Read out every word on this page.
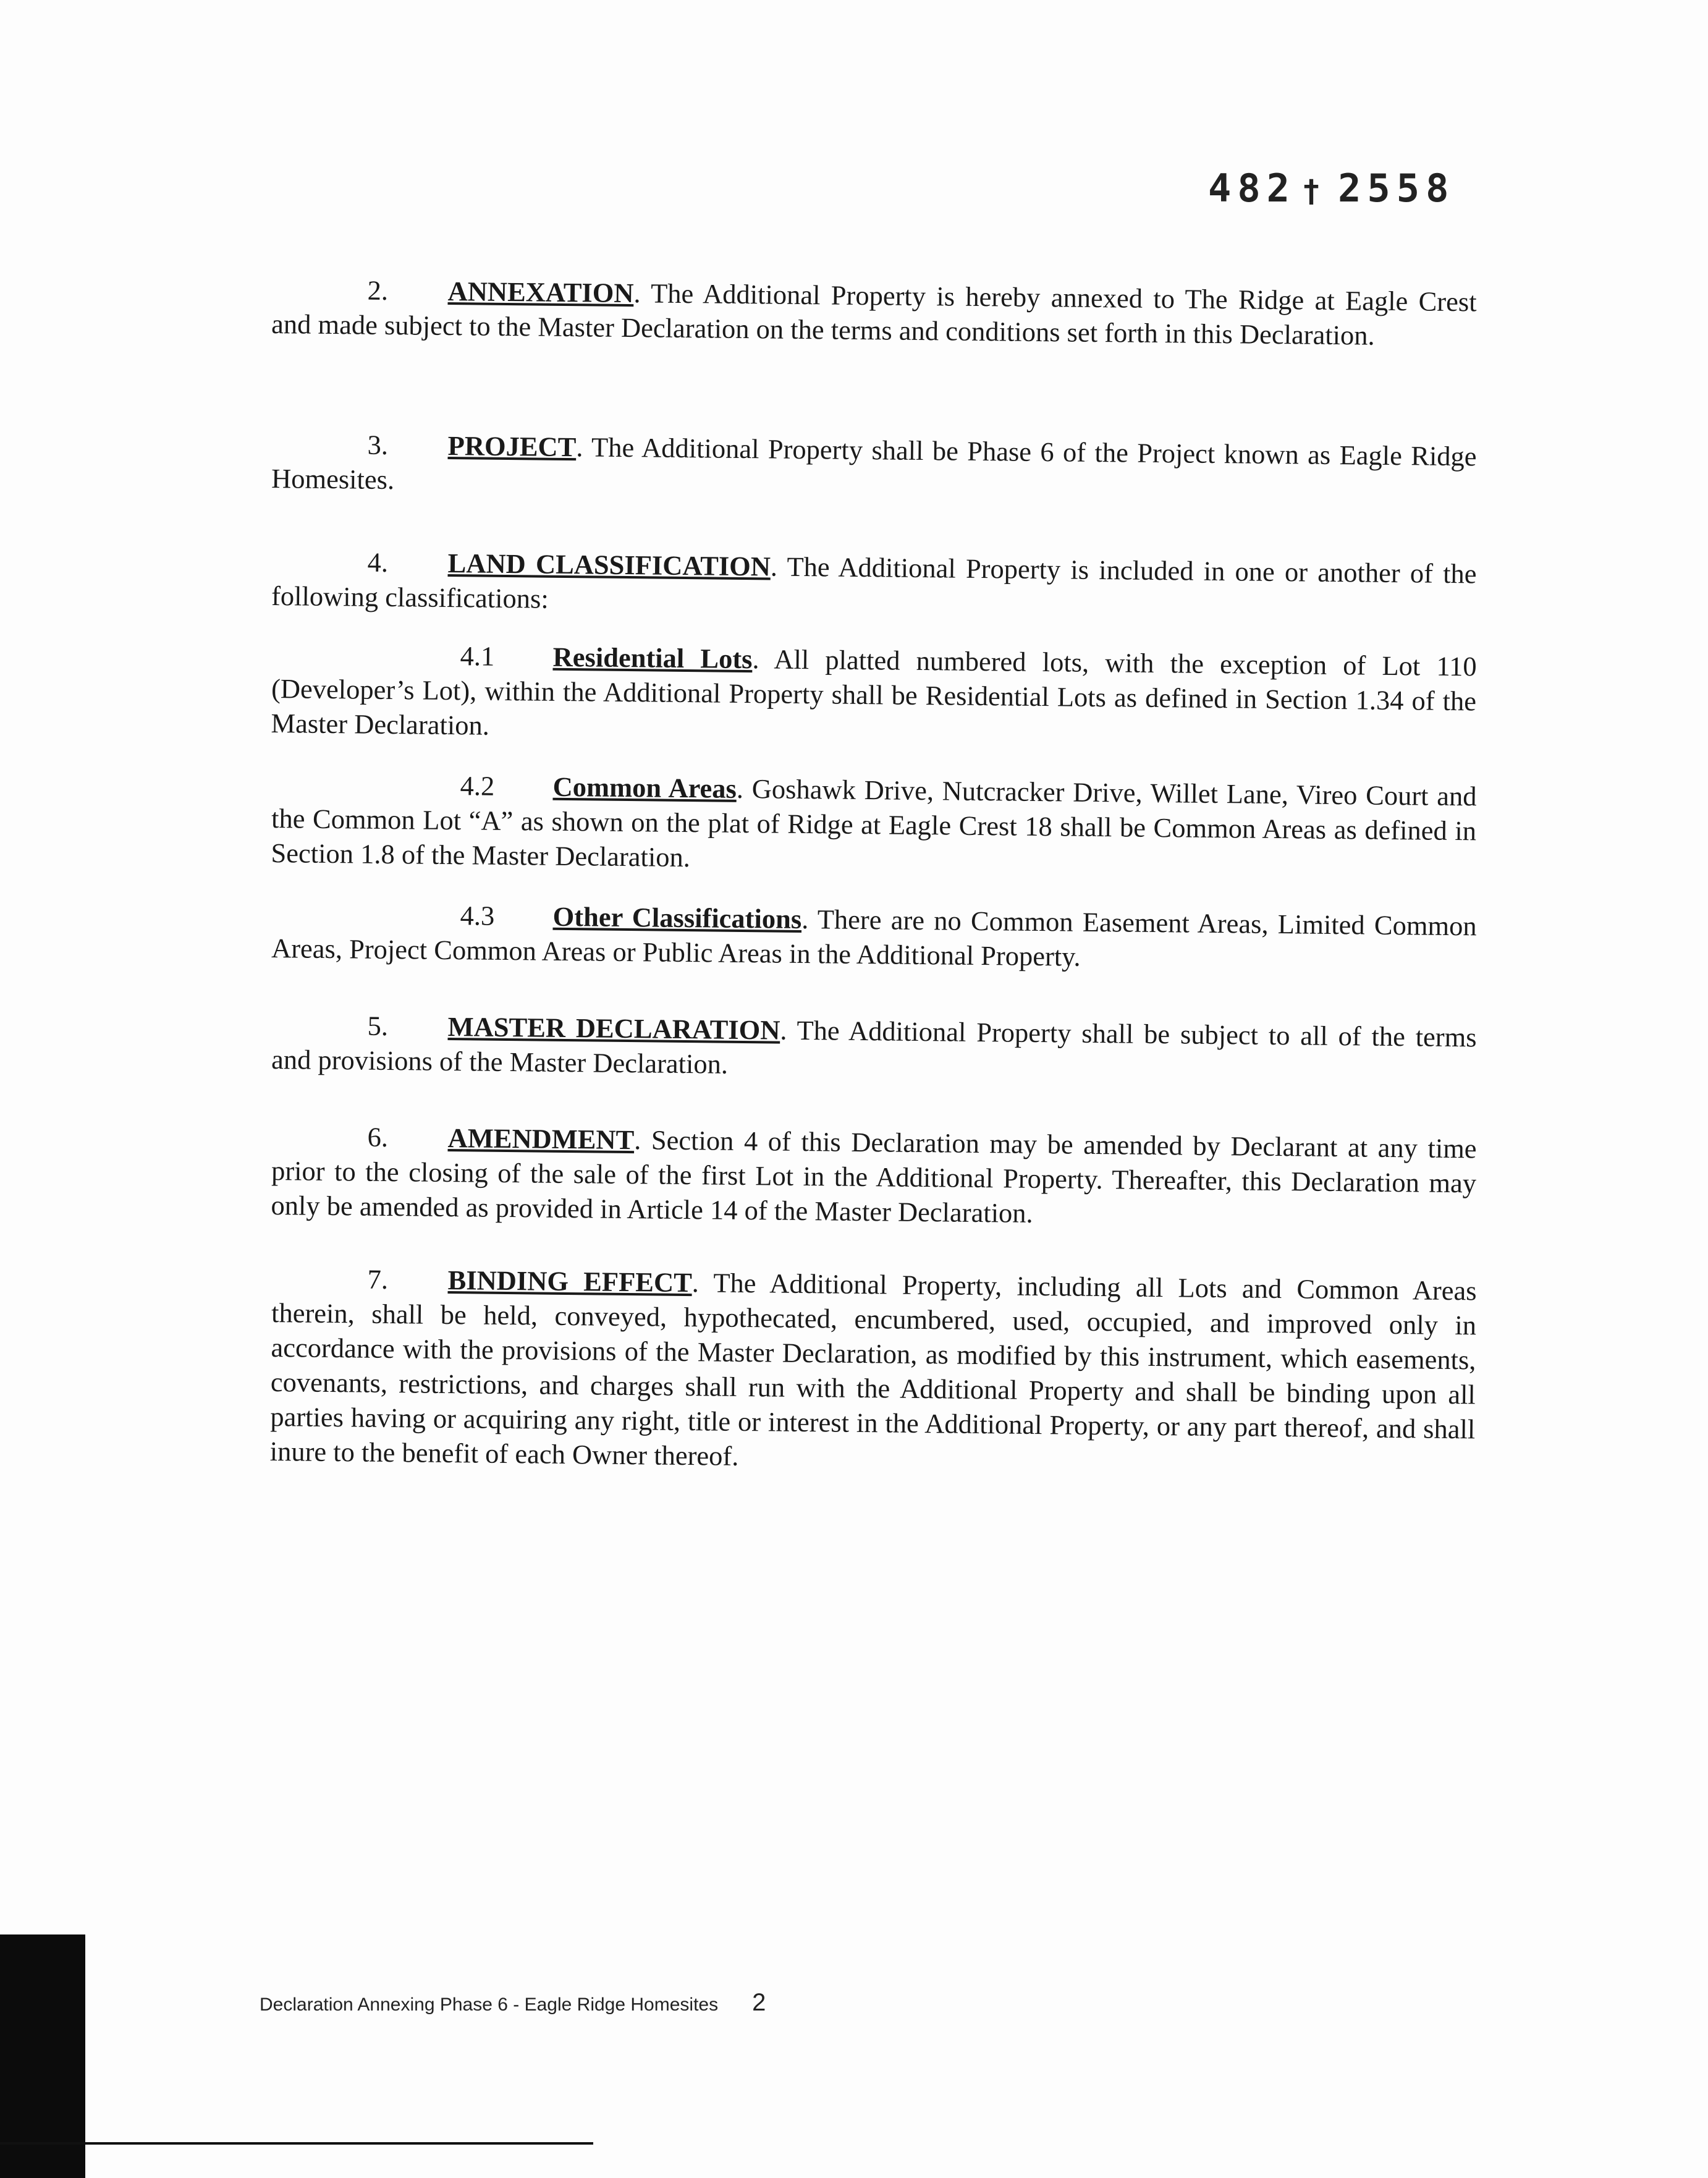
482 † 2558
2. ANNEXATION. The Additional Property is hereby annexed to The Ridge at Eagle Crest and made subject to the Master Declaration on the terms and conditions set forth in this Declaration.
3. PROJECT. The Additional Property shall be Phase 6 of the Project known as Eagle Ridge Homesites.
4. LAND CLASSIFICATION. The Additional Property is included in one or another of the following classifications:
4.1 Residential Lots. All platted numbered lots, with the exception of Lot 110 (Developer’s Lot), within the Additional Property shall be Residential Lots as defined in Section 1.34 of the Master Declaration.
4.2 Common Areas. Goshawk Drive, Nutcracker Drive, Willet Lane, Vireo Court and the Common Lot “A” as shown on the plat of Ridge at Eagle Crest 18 shall be Common Areas as defined in Section 1.8 of the Master Declaration.
4.3 Other Classifications. There are no Common Easement Areas, Limited Common Areas, Project Common Areas or Public Areas in the Additional Property.
5. MASTER DECLARATION. The Additional Property shall be subject to all of the terms and provisions of the Master Declaration.
6. AMENDMENT. Section 4 of this Declaration may be amended by Declarant at any time prior to the closing of the sale of the first Lot in the Additional Property. Thereafter, this Declaration may only be amended as provided in Article 14 of the Master Declaration.
7. BINDING EFFECT. The Additional Property, including all Lots and Common Areas therein, shall be held, conveyed, hypothecated, encumbered, used, occupied, and improved only in accordance with the provisions of the Master Declaration, as modified by this instrument, which easements, covenants, restrictions, and charges shall run with the Additional Property and shall be binding upon all parties having or acquiring any right, title or interest in the Additional Property, or any part thereof, and shall inure to the benefit of each Owner thereof.
Declaration Annexing Phase 6 - Eagle Ridge Homesites 2
